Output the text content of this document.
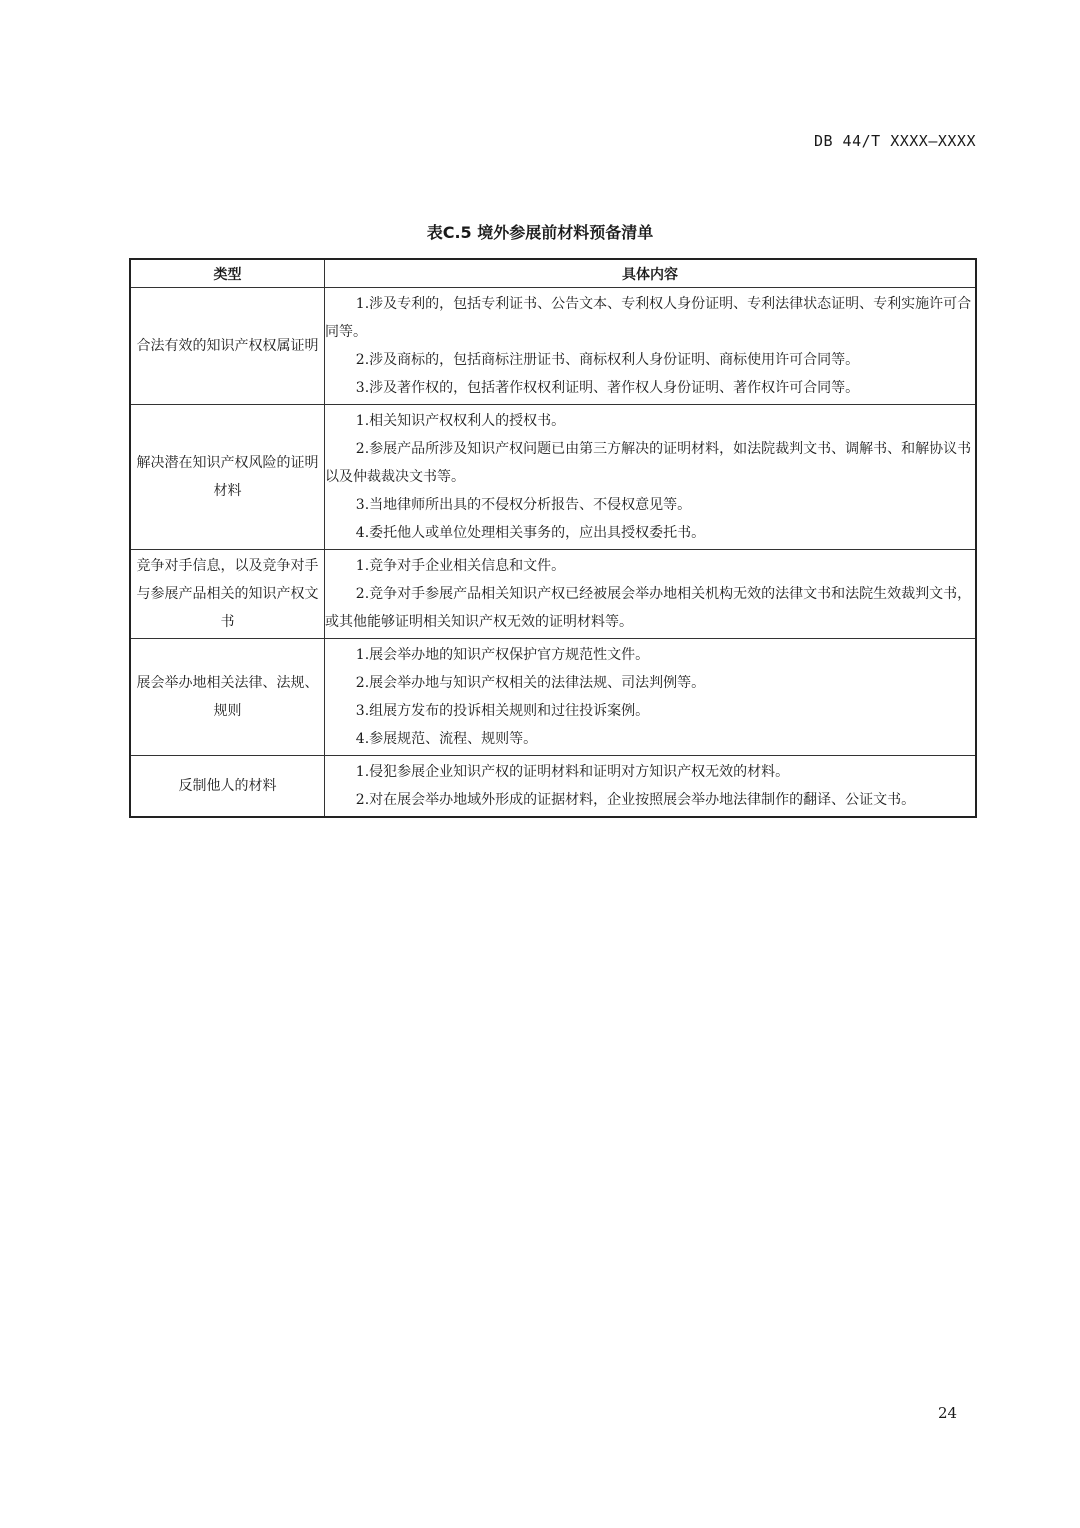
DB 44/T XXXX—XXXX
表C.5 境外参展前材料预备清单
类型	具体内容
合法有效的知识产权权属证明	1.涉及专利的，包括专利证书、公告文本、专利权人身份证明、专利法律状态证明、专利实施许可合同等。

2.涉及商标的，包括商标注册证书、商标权利人身份证明、商标使用许可合同等。

3.涉及著作权的，包括著作权权利证明、著作权人身份证明、著作权许可合同等。

解决潜在知识产权风险的证明材料	1.相关知识产权权利人的授权书。

2.参展产品所涉及知识产权问题已由第三方解决的证明材料，如法院裁判文书、调解书、和解协议书以及仲裁裁决文书等。

3.当地律师所出具的不侵权分析报告、不侵权意见等。

4.委托他人或单位处理相关事务的，应出具授权委托书。

竞争对手信息，以及竞争对手与参展产品相关的知识产权文书	1.竞争对手企业相关信息和文件。

2.竞争对手参展产品相关知识产权已经被展会举办地相关机构无效的法律文书和法院生效裁判文书，或其他能够证明相关知识产权无效的证明材料等。

展会举办地相关法律、法规、规则	1.展会举办地的知识产权保护官方规范性文件。

2.展会举办地与知识产权相关的法律法规、司法判例等。

3.组展方发布的投诉相关规则和过往投诉案例。

4.参展规范、流程、规则等。

反制他人的材料	1.侵犯参展企业知识产权的证明材料和证明对方知识产权无效的材料。

2.对在展会举办地域外形成的证据材料，企业按照展会举办地法律制作的翻译、公证文书。

24
